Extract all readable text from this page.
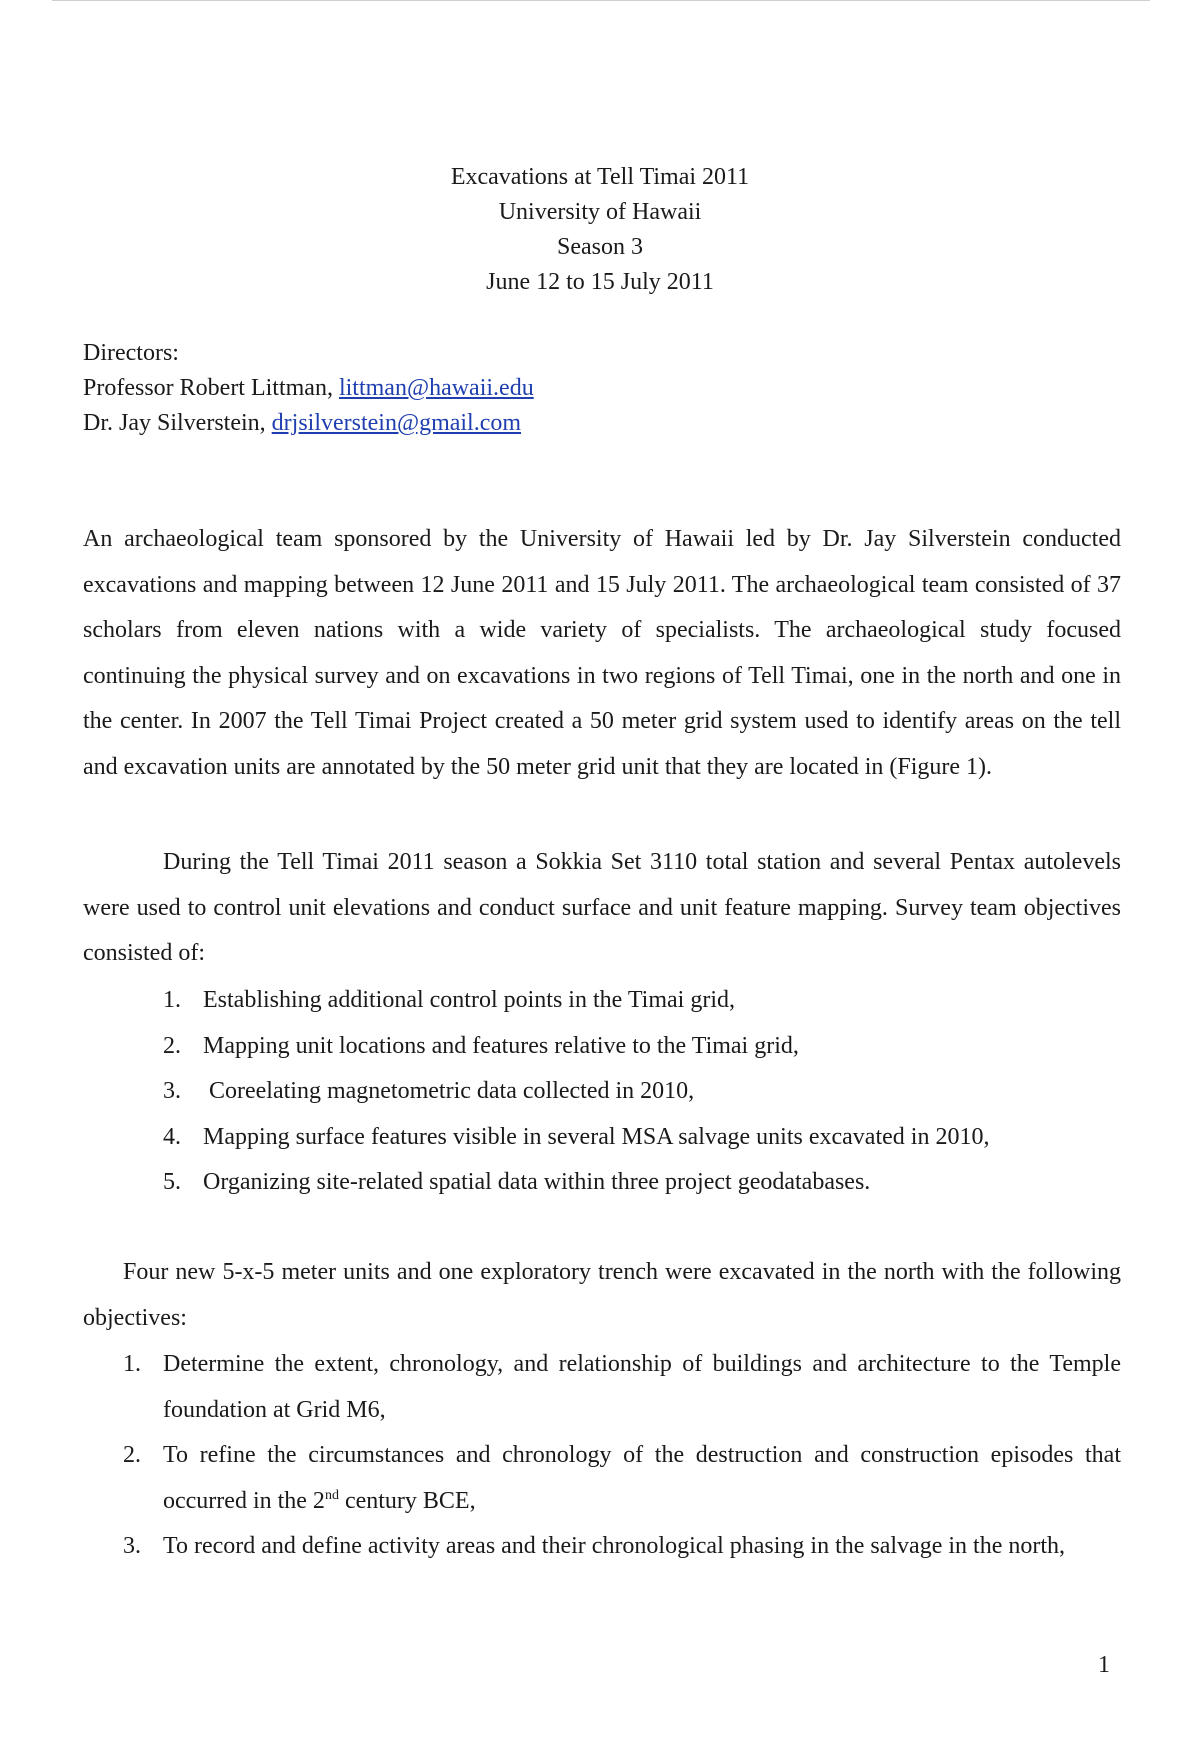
Excavations at Tell Timai 2011
University of Hawaii
Season 3
June 12 to 15 July 2011
Directors:
Professor Robert Littman, littman@hawaii.edu
Dr. Jay Silverstein, drjsilverstein@gmail.com
An archaeological team sponsored by the University of Hawaii led by Dr. Jay Silverstein conducted excavations and mapping between 12 June 2011 and 15 July 2011. The archaeological team consisted of 37 scholars from eleven nations with a wide variety of specialists. The archaeological study focused continuing the physical survey and on excavations in two regions of Tell Timai, one in the north and one in the center. In 2007 the Tell Timai Project created a 50 meter grid system used to identify areas on the tell and excavation units are annotated by the 50 meter grid unit that they are located in (Figure 1).
During the Tell Timai 2011 season a Sokkia Set 3110 total station and several Pentax autolevels were used to control unit elevations and conduct surface and unit feature mapping. Survey team objectives consisted of:
1. Establishing additional control points in the Timai grid,
2. Mapping unit locations and features relative to the Timai grid,
3. Coreelating magnetometric data collected in 2010,
4. Mapping surface features visible in several MSA salvage units excavated in 2010,
5. Organizing site-related spatial data within three project geodatabases.
Four new 5-x-5 meter units and one exploratory trench were excavated in the north with the following objectives:
1. Determine the extent, chronology, and relationship of buildings and architecture to the Temple foundation at Grid M6,
2. To refine the circumstances and chronology of the destruction and construction episodes that occurred in the 2nd century BCE,
3. To record and define activity areas and their chronological phasing in the salvage in the north,
1
